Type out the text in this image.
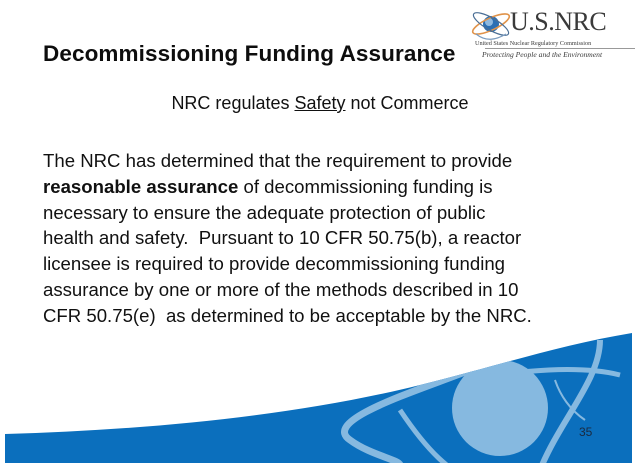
Decommissioning Funding Assurance
NRC regulates Safety not Commerce
The NRC has determined that the requirement to provide
reasonable assurance of decommissioning funding is
necessary to ensure the adequate protection of public
health and safety.  Pursuant to 10 CFR 50.75(b), a reactor
licensee is required to provide decommissioning funding
assurance by one or more of the methods described in 10
CFR 50.75(e)  as determined to be acceptable by the NRC.
U.S.NRC
United States Nuclear Regulatory Commission
Protecting People and the Environment
35
